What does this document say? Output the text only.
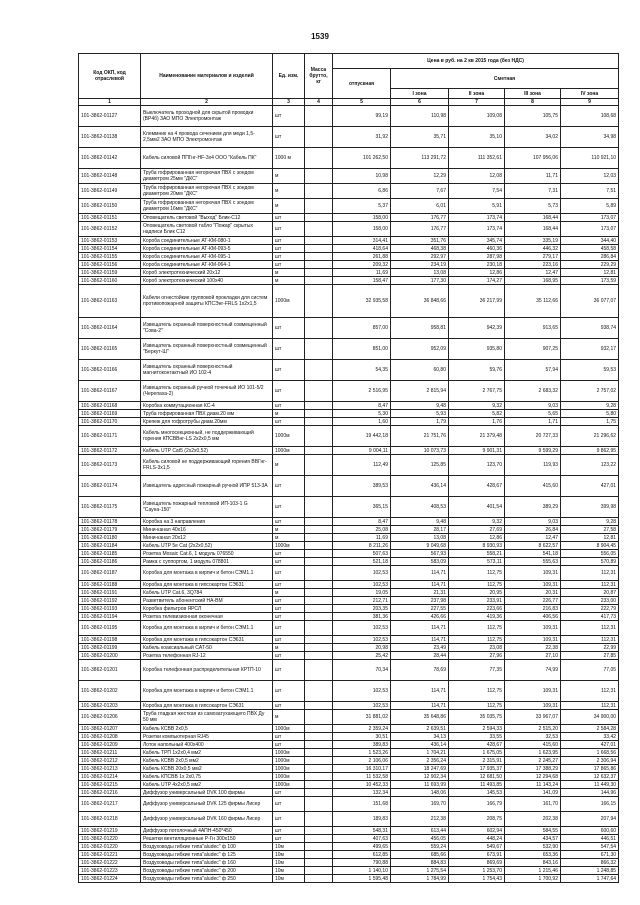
1539
Код ОКП, код отраслевой	Наименование материалов и изделий	Ед. изм.	Масса брутто, кг	Цена в руб. на 2 кв 2015 года (без НДС)				
				отпускная	Сметная			
					I зона	II зона	III зона	IV зона
1	2	3	4	5	6	7	8	9
101-3862-01127	Выключатель проходной для скрытой проводки (ВР4б) ЗАО МПО Электромонтаж	шт		99,19	110,98	109,08	105,75	108,68
101-3862-01138	Клеммник на 4 провода сечением для меди 1,5-2,5мм2 ЗАО МПО Электромонтаж	шт		31,92	35,71	35,10	34,02	34,98
101-3862-01142	Кабель силовой ППГнг-HF-3х4 ООО "Кабель ПК"	1000 м		101 262,50	113 291,72	111 352,61	107 956,06	110 921,10
101-3862-01148	Труба гофрированная негорючая ПВХ с зондом диаметром 25мм "ДКС"	м		10,98	12,29	12,08	11,71	12,03
101-3862-01149	Труба гофрированная негорючая ПВХ с зондом диаметром 20мм "ДКС"	м		6,86	7,67	7,54	7,31	7,51
101-3862-01150	Труба гофрированная негорючая ПВХ с зондом диаметром 16мм "ДКС"	м		5,37	6,01	5,91	5,73	5,89
101-3862-01151	Оповещатель световой "Выход" Блик-С12	шт		158,00	176,77	173,74	168,44	173,07
101-3862-01152	Оповещатель световой табло "Пожар" скрытых надписи Блик С12	шт		158,00	176,77	173,74	168,44	173,07
101-3862-01153	Короба соединительные АТ-КМ-080-1	шт		314,41	351,76	345,74	335,19	344,40
101-3862-01154	Короба соединительные АТ-КМ-093-5	шт		418,64	468,38	460,36	446,32	458,58
101-3862-01155	Короба соединительные АТ-КМ-095-1	шт		261,88	292,97	287,98	279,17	286,84
101-3862-01156	Короба соединительные АТ-КМ-064-1	шт		209,32	234,19	230,18	223,16	229,29
101-3862-01159	Короб электротехнический 20х12	м		11,69	13,08	12,86	12,47	12,81
101-3862-01160	Короб электротехнический 100х40	м		158,47	177,30	174,27	168,95	173,59
101-3862-01163	Кабели огнестойкие групповой прокладки для систем противопожарной защиты КПСЭнг-FRLS 1х2х1,5	1000м		32 935,58	36 848,66	36 217,99	35 112,66	36 077,07
101-3862-01164	Извещатель охранный поверхностный совмещенный "Сова-2"	шт		857,00	958,81	942,39	913,65	938,74
101-3862-01165	Извещатель охранный поверхностный совмещенный "Беркут-Ш"	шт		851,00	952,09	935,80	907,25	932,17
101-3862-01166	Извещатель охранный поверхностный магнитоконтактный ИО 102-4	шт		54,35	60,80	59,76	57,94	59,53
101-3862-01167	Извещатель охранный ручной точечный ИО 101-5/2 (Черепаха-2)	шт		2 516,95	2 815,94	2 767,75	2 683,32	2 757,02
101-3862-01168	Коробка коммутационная КС-4	шт		8,47	9,48	9,32	9,03	9,28
101-3862-01169	Труба гофрированная ПВХ диам.20 мм	м		5,30	5,93	5,82	5,65	5,80
101-3862-01170	Крепеж для гофротрубы диам.20мм	шт		1,60	1,79	1,76	1,71	1,75
101-3862-01171	Кабель многосекционный, не поддерживающий горения КПСВВнг-LS 2х2х0,5 мм	1000м		19 442,18	21 751,76	21 379,48	20 727,33	21 296,62
101-3862-01172	Кабель UTP Cat5 (2х2х0,52)	1000м		9 004,11	10 073,73	9 901,31	9 599,29	9 862,95
101-3862-01173	Кабель силовой не поддерживающий горения ВВГнг-FRLS-3х1,5	м		112,49	125,85	123,70	119,93	123,22
101-3862-01174	Извещатель адресный пожарный ручной ИПР 513-3А	шт		389,53	436,14	428,67	415,60	427,01
101-3862-01175	Извещатель пожарный тепловой ИП-103-1 G "Сауна-150"	шт		365,15	408,53	401,54	389,29	399,98
101-3862-01178	Коробка на 3 направления	шт		8,47	9,48	9,32	9,03	9,28
101-3862-01179	Мини-канал 40х16	м		25,08	28,17	27,69	26,84	27,58
101-3862-01180	Мини-канал 20х12	м		11,69	13,08	12,86	12,47	12,81
101-3862-01184	Кабель UTP 5e Cat (2х2х0,52)	1000м		8 211,26	9 049,68	8 930,93	8 622,57	8 904,45
101-3862-01185	Розетка Mosaic Cat.6, 1 модуль 076550	шт		507,63	567,93	558,21	541,18	556,05
101-3862-01186	Рамка с суппортом, 1 модуль 078801	шт		521,18	583,09	573,11	555,63	570,89
101-3862-01187	Коробка для монтажа в кирпич и бетон СЭМ1.1	шт		102,53	114,71	112,75	109,31	112,31
101-3862-01188	Коробка для монтажа в гипсокартон СЭ631	шт		102,53	114,71	112,75	109,31	112,31
101-3862-01191	Кабель UTP Cat.6, 3Q784	м		19,05	21,31	20,95	20,31	20,87
101-3862-01192	Разветвитель абонентский НА-ВМ	шт		212,71	237,98	233,91	226,77	233,00
101-3862-01193	Коробка фильтров ЯРСЛ	шт		203,35	227,55	223,66	216,83	222,79
101-3862-01194	Розетка телевизионная оконечная	шт		381,36	426,66	419,36	406,56	417,73
101-3862-01195	Коробка для монтажа в кирпич и бетон СЭМ1.1	шт		102,53	114,71	112,75	109,31	112,31
101-3862-01198	Коробка для монтажа в гипсокартон СЭ631	шт		102,53	114,71	112,75	109,31	112,31
101-3862-01199	Кабель коаксиальный CAT-50	м		20,98	23,49	23,08	22,38	22,99
101-3862-01200	Розетка телефонная RJ-12	шт		25,42	28,44	27,96	27,10	27,85
101-3862-01201	Коробка телефонная распределительная КРТП-10	шт		70,34	78,69	77,35	74,99	77,05
101-3862-01202	Коробка для монтажа в кирпич и бетон СЭМ1.1	шт		102,53	114,71	112,75	109,31	112,31
101-3862-01203	Коробка для монтажа в гипсокартон СЭ631	шт		102,53	114,71	112,75	109,31	112,31
101-3862-01206	Труба гладкая жесткая из самозатухающего ПВХ Ду 50 мм	м		31 881,02	35 648,86	35 035,75	33 967,07	34 900,00
101-3862-01207	Кабель КСВВ 2х0,5	1000м		2 359,24	2 639,51	2 594,33	2 515,20	2 584,28
101-3862-01208	Розетки компьютерная RJ45	шт		30,51	34,13	33,55	32,53	33,42
101-3862-01209	Лоток напольный 400х400	шт		389,83	436,14	428,67	415,60	427,01
101-3862-01211	Кабель TPП 1х2х0,4 мм2	1000м		1 523,26	1 704,21	1 675,05	1 623,95	1 668,56
101-3862-01212	Кабель КСВВ 2х0,5 мм2	1000м		2 106,06	2 356,24	2 315,91	2 245,27	2 306,94
101-3862-01213	Кабель КСВВ 20х0,5 мм2	1000м		16 310,17	18 247,69	17 935,37	17 388,29	17 865,86
101-3862-01214	Кабель КПСВВ 1х 2х0,75	1000м		11 532,58	12 902,34	12 681,50	12 294,68	12 632,37
101-3862-01215	Кабель UTP 4х2х0,5 мм2	1000м		10 452,33	11 693,99	11 493,85	11 143,24	11 449,30
101-3862-01216	Диффузор универсальный DVK 100 фирмы	шт		132,34	148,06	145,53	141,09	144,96
101-3862-01217	Диффузор универсальный DVK 125 фирмы Лисер	шт		151,68	169,70	166,79	161,70	166,15
101-3862-01218	Диффузор универсальный DVK 160 фирмы Лисер	шт		189,83	212,38	208,75	202,38	207,94
101-3862-01219	Диффузор потолочный 4АПН-450*450	шт		548,31	613,44	602,94	584,55	600,60
101-3862-01220	Решетки вентиляционные Р-Гн 300х150	шт		407,63	456,05	448,24	434,57	446,51
101-3862-01220	Воздуховоды гибкие типа"aludec" ф 100	10м		499,65	559,24	549,67	532,90	547,54
101-3862-01221	Воздуховоды гибкие типа"aludec" ф 125	10м		612,85	685,66	673,91	653,36	671,30
101-3862-01222	Воздуховоды гибкие типа"aludec" ф 160	10м		790,88	884,83	869,69	843,16	866,32
101-3862-01223	Воздуховоды гибкие типа"aludec" ф 200	10м		1 140,10	1 275,54	1 253,70	1 215,46	1 248,85
101-3862-01224	Воздуховоды гибкие типа"aludec" ф 250	10м		1 595,48	1 784,99	1 754,43	1 700,92	1 747,64
